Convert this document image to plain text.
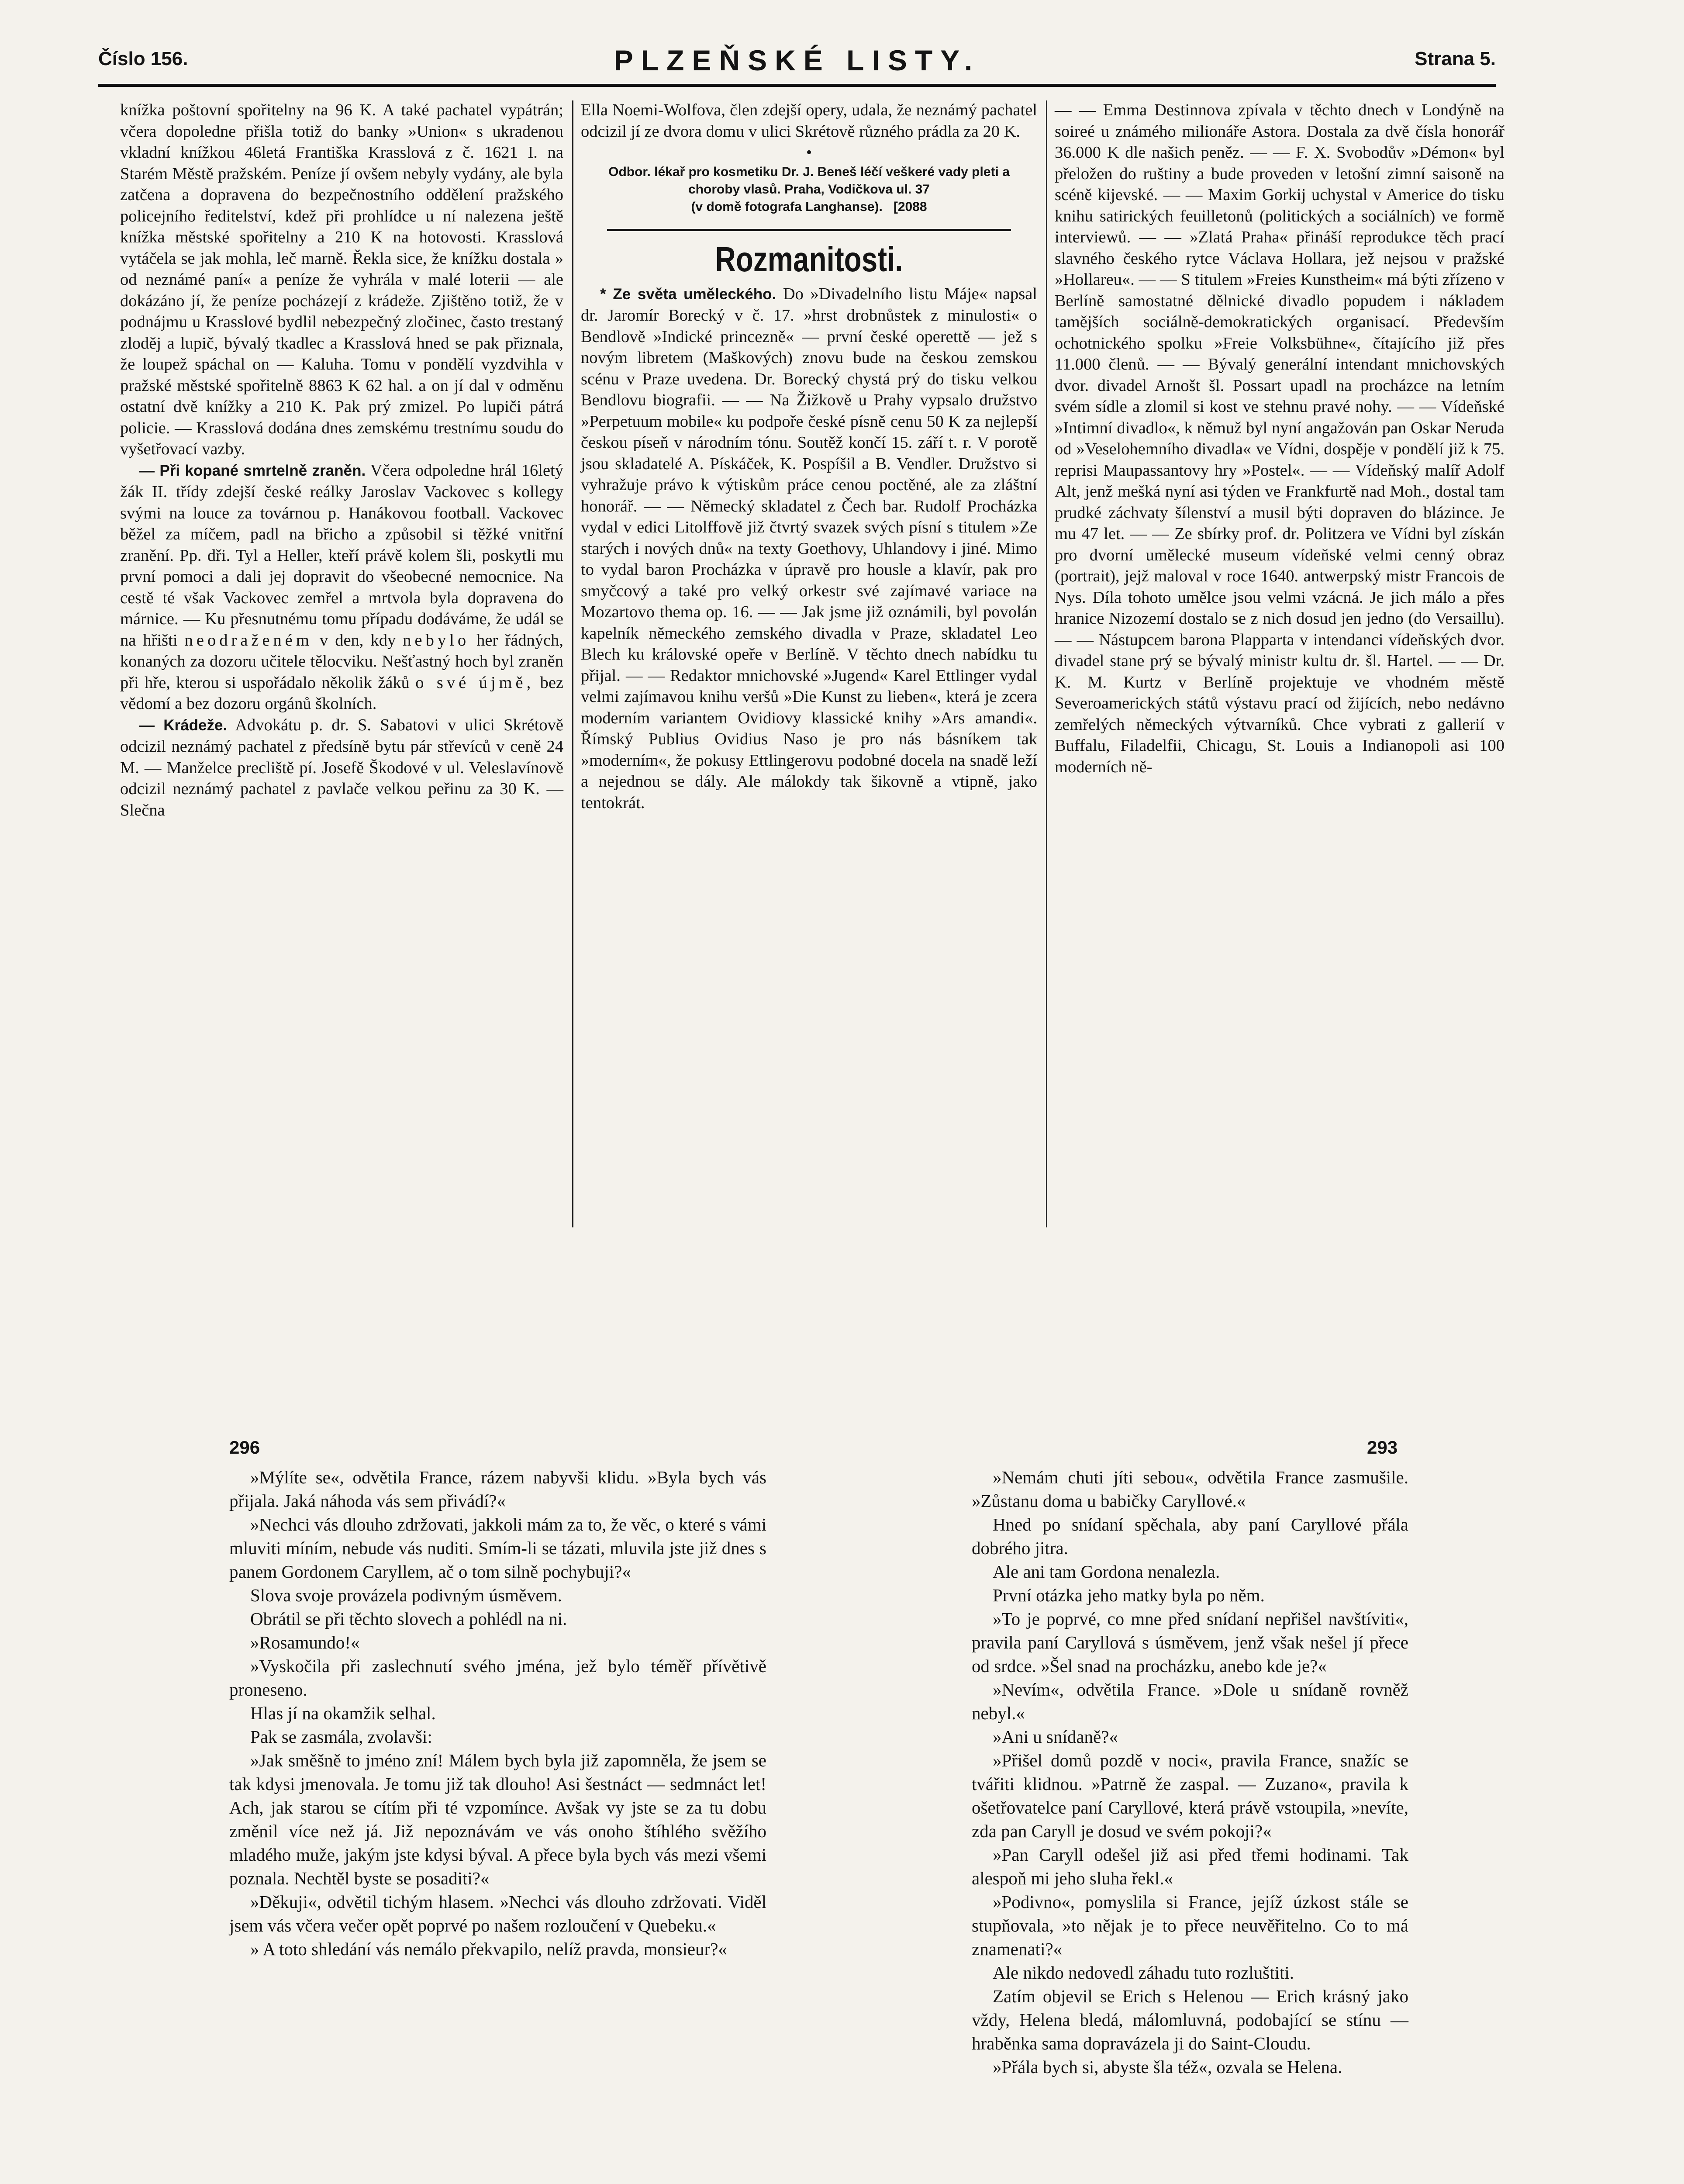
Číslo 156.	PLZEŇSKÉ LISTY.	Strana 5.

knížka poštovní spořitelny na 96 K. A také pachatel vypátrán; včera dopoledne přišla totiž do banky »Union« s ukradenou vkladní knížkou 46letá Františka Krasslová z č. 1621 I. na Starém Městě pražském. Peníze jí ovšem nebyly vydány, ale byla zatčena a dopravena do bezpečnostního oddělení pražského policejního ředitelství, kdež při prohlídce u ní nalezena ještě knížka městské spořitelny a 210 K na hotovosti. Krasslová vytáčela se jak mohla, leč marně. Řekla sice, že knížku dostala » od neznámé paní« a peníze že vyhrála v malé loterii — ale dokázáno jí, že peníze pocházejí z krádeže. Zjištěno totiž, že v podnájmu u Krasslové bydlil nebezpečný zločinec, často trestaný zloděj a lupič, bývalý tkadlec a Krasslová hned se pak přiznala, že loupež spáchal on — Kaluha. Tomu v pondělí vyzdvihla v pražské městské spořitelně 8863 K 62 hal. a on jí dal v odměnu ostatní dvě knížky a 210 K. Pak prý zmizel. Po lupiči pátrá policie. — Krasslová dodána dnes zemskému trestnímu soudu do vyšetřovací vazby.

— Při kopané smrtelně zraněn. Včera odpoledne hrál 16letý žák II. třídy zdejší české reálky Jaroslav Vackovec s kollegy svými na louce za továrnou p. Hanákovou football. Vackovec běžel za míčem, padl na břicho a způsobil si těžké vnitřní zranění. Pp. dři. Tyl a Heller, kteří právě kolem šli, poskytli mu první pomoci a dali jej dopravit do všeobecné nemocnice. Na cestě té však Vackovec zemřel a mrtvola byla dopravena do márnice. — Ku přesnutnému tomu případu dodáváme, že udál se na hřišti neodraženém v den, kdy nebylo her řádných, konaných za dozoru učitele tělocviku. Nešťastný hoch byl zraněn při hře, kterou si uspořádalo několik žáků o své újmě, bez vědomí a bez dozoru orgánů školních.

— Krádeže. Advokátu p. dr. S. Sabatovi v ulici Skrétově odcizil neznámý pachatel z předsíně bytu pár střevíců v ceně 24 M. — Manželce precliště pí. Josefě Škodové v ul. Veleslavínově odcizil neznámý pachatel z pavlače velkou peřinu za 30 K. — Slečna

Ella Noemi-Wolfova, člen zdejší opery, udala, že neznámý pachatel odcizil jí ze dvora domu v ulici Skrétově různého prádla za 20 K.

•
Odbor. lékař pro kosmetiku Dr. J. Beneš léčí veškeré vady pleti a choroby vlasů. Praha, Vodičkova ul. 37
(v domě fotografa Langhanse).   [2088
Rozmanitosti.

* Ze světa uměleckého. Do »Divadelního listu Máje« napsal dr. Jaromír Borecký v č. 17. »hrst drobnůstek z minulosti« o Bendlově »Indické princezně« — první české operettě — jež s novým libretem (Maškových) znovu bude na českou zemskou scénu v Praze uvedena. Dr. Borecký chystá prý do tisku velkou Bendlovu biografii. — — Na Žižkově u Prahy vypsalo družstvo »Perpetuum mobile« ku podpoře české písně cenu 50 K za nejlepší českou píseň v národním tónu. Soutěž končí 15. září t. r. V porotě jsou skladatelé A. Pískáček, K. Pospíšil a B. Vendler. Družstvo si vyhražuje právo k výtiskům práce cenou poctěné, ale za zláštní honorář. — — Německý skladatel z Čech bar. Rudolf Procházka vydal v edici Litolffově již čtvrtý svazek svých písní s titulem »Ze starých i nových dnů« na texty Goethovy, Uhlandovy i jiné. Mimo to vydal baron Procházka v úpravě pro housle a klavír, pak pro smyčcový a také pro velký orkestr své zajímavé variace na Mozartovo thema op. 16. — — Jak jsme již oznámili, byl povolán kapelník německého zemského divadla v Praze, skladatel Leo Blech ku královské opeře v Berlíně. V těchto dnech nabídku tu přijal. — — Redaktor mnichovské »Jugend« Karel Ettlinger vydal velmi zajímavou knihu veršů »Die Kunst zu lieben«, která je zcera moderním variantem Ovidiovy klassické knihy »Ars amandi«. Římský Publius Ovidius Naso je pro nás básníkem tak »moderním«, že pokusy Ettlingerovu podobné docela na snadě leží a nejednou se dály. Ale málokdy tak šikovně a vtipně, jako tentokrát.

— — Emma Destinnova zpívala v těchto dnech v Londýně na soireé u známého milionáře Astora. Dostala za dvě čísla honorář 36.000 K dle našich peněz. — — F. X. Svobodův »Démon« byl přeložen do ruštiny a bude proveden v letošní zimní saisoně na scéně kijevské. — — Maxim Gorkij uchystal v Americe do tisku knihu satirických feuilletonů (politických a sociálních) ve formě interviewů. — — »Zlatá Praha« přináší reprodukce těch prací slavného českého rytce Václava Hollara, jež nejsou v pražské »Hollareu«. — — S titulem »Freies Kunstheim« má býti zřízeno v Berlíně samostatné dělnické divadlo popudem i nákladem tamějších sociálně-demokratických organisací. Především ochotnického spolku »Freie Volksbühne«, čítajícího již přes 11.000 členů. — — Bývalý generální intendant mnichovských dvor. divadel Arnošt šl. Possart upadl na procházce na letním svém sídle a zlomil si kost ve stehnu pravé nohy. — — Vídeňské »Intimní divadlo«, k němuž byl nyní angažován pan Oskar Neruda od »Veselohemního divadla« ve Vídni, dospěje v pondělí již k 75. reprisi Maupassantovy hry »Postel«. — — Vídeňský malíř Adolf Alt, jenž mešká nyní asi týden ve Frankfurtě nad Moh., dostal tam prudké záchvaty šílenství a musil býti dopraven do blázince. Je mu 47 let. — — Ze sbírky prof. dr. Politzera ve Vídni byl získán pro dvorní umělecké museum vídeňské velmi cenný obraz (portrait), jejž maloval v roce 1640. antwerpský mistr Francois de Nys. Díla tohoto umělce jsou velmi vzácná. Je jich málo a přes hranice Nizozemí dostalo se z nich dosud jen jedno (do Versaillu). — — Nástupcem barona Plapparta v intendanci vídeňských dvor. divadel stane prý se bývalý ministr kultu dr. šl. Hartel. — — Dr. K. M. Kurtz v Berlíně projektuje ve vhodném městě Severoamerických států výstavu prací od žijících, nebo nedávno zemřelých německých výtvarníků. Chce vybrati z gallerií v Buffalu, Filadelfii, Chicagu, St. Louis a Indianopoli asi 100 moderních ně-

296	293

»Mýlíte se«, odvětila France, rázem nabyvši klidu. »Byla bych vás přijala. Jaká náhoda vás sem přivádí?«

»Nechci vás dlouho zdržovati, jakkoli mám za to, že věc, o které s vámi mluviti míním, nebude vás nuditi. Smím-li se tázati, mluvila jste již dnes s panem Gordonem Caryllem, ač o tom silně pochybuji?«

Slova svoje provázela podivným úsměvem.

Obrátil se při těchto slovech a pohlédl na ni.

»Rosamundo!«

»Vyskočila při zaslechnutí svého jména, jež bylo téměř přívětivě proneseno.

Hlas jí na okamžik selhal.

Pak se zasmála, zvolavši:

»Jak směšně to jméno zní! Málem bych byla již zapomněla, že jsem se tak kdysi jmenovala. Je tomu již tak dlouho! Asi šestnáct — sedmnáct let! Ach, jak starou se cítím při té vzpomínce. Avšak vy jste se za tu dobu změnil více než já. Již nepoznávám ve vás onoho štíhlého svěžího mladého muže, jakým jste kdysi býval. A přece byla bych vás mezi všemi poznala. Nechtěl byste se posaditi?«

»Děkuji«, odvětil tichým hlasem. »Nechci vás dlouho zdržovati. Viděl jsem vás včera večer opět poprvé po našem rozloučení v Quebeku.«

» A toto shledání vás nemálo překvapilo, nelíž pravda, monsieur?«

»Nemám chuti jíti sebou«, odvětila France zasmušile. »Zůstanu doma u babičky Caryllové.«

Hned po snídaní spěchala, aby paní Caryllové přála dobrého jitra.

Ale ani tam Gordona nenalezla.

První otázka jeho matky byla po něm.

»To je poprvé, co mne před snídaní nepřišel navštíviti«, pravila paní Caryllová s úsměvem, jenž však nešel jí přece od srdce. »Šel snad na procházku, anebo kde je?«

»Nevím«, odvětila France. »Dole u snídaně rovněž nebyl.«

»Ani u snídaně?«

»Přišel domů pozdě v noci«, pravila France, snažíc se tvářiti klidnou. »Patrně že zaspal. — Zuzano«, pravila k ošetřovatelce paní Caryllové, která právě vstoupila, »nevíte, zda pan Caryll je dosud ve svém pokoji?«

»Pan Caryll odešel již asi před třemi hodinami. Tak alespoň mi jeho sluha řekl.«

»Podivno«, pomyslila si France, jejíž úzkost stále se stupňovala, »to nějak je to přece neuvěřitelno. Co to má znamenati?«

Ale nikdo nedovedl záhadu tuto rozluštiti.

Zatím objevil se Erich s Helenou — Erich krásný jako vždy, Helena bledá, málomluvná, podobající se stínu — hraběnka sama dopravázela ji do Saint-Cloudu.

»Přála bych si, abyste šla též«, ozvala se Helena.
